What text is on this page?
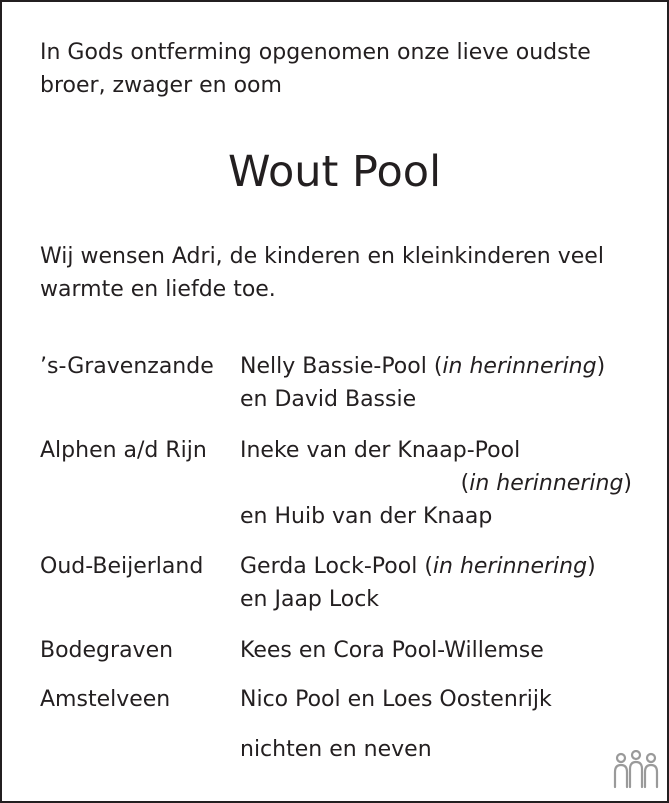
In Gods ontferming opgenomen onze lieve oudste
broer, zwager en oom
Wout Pool
Wij wensen Adri, de kinderen en kleinkinderen veel
warmte en liefde toe.
’s-Gravenzande Nelly Bassie-Pool (in herinnering)
en David Bassie
Alphen a/d Rijn Ineke van der Knaap-Pool
(in herinnering)
en Huib van der Knaap
Oud-Beijerland Gerda Lock-Pool (in herinnering)
en Jaap Lock
Bodegraven	Kees en Cora Pool-Willemse
Amstelveen	Nico Pool en Loes Oostenrijk
nichten en neven
